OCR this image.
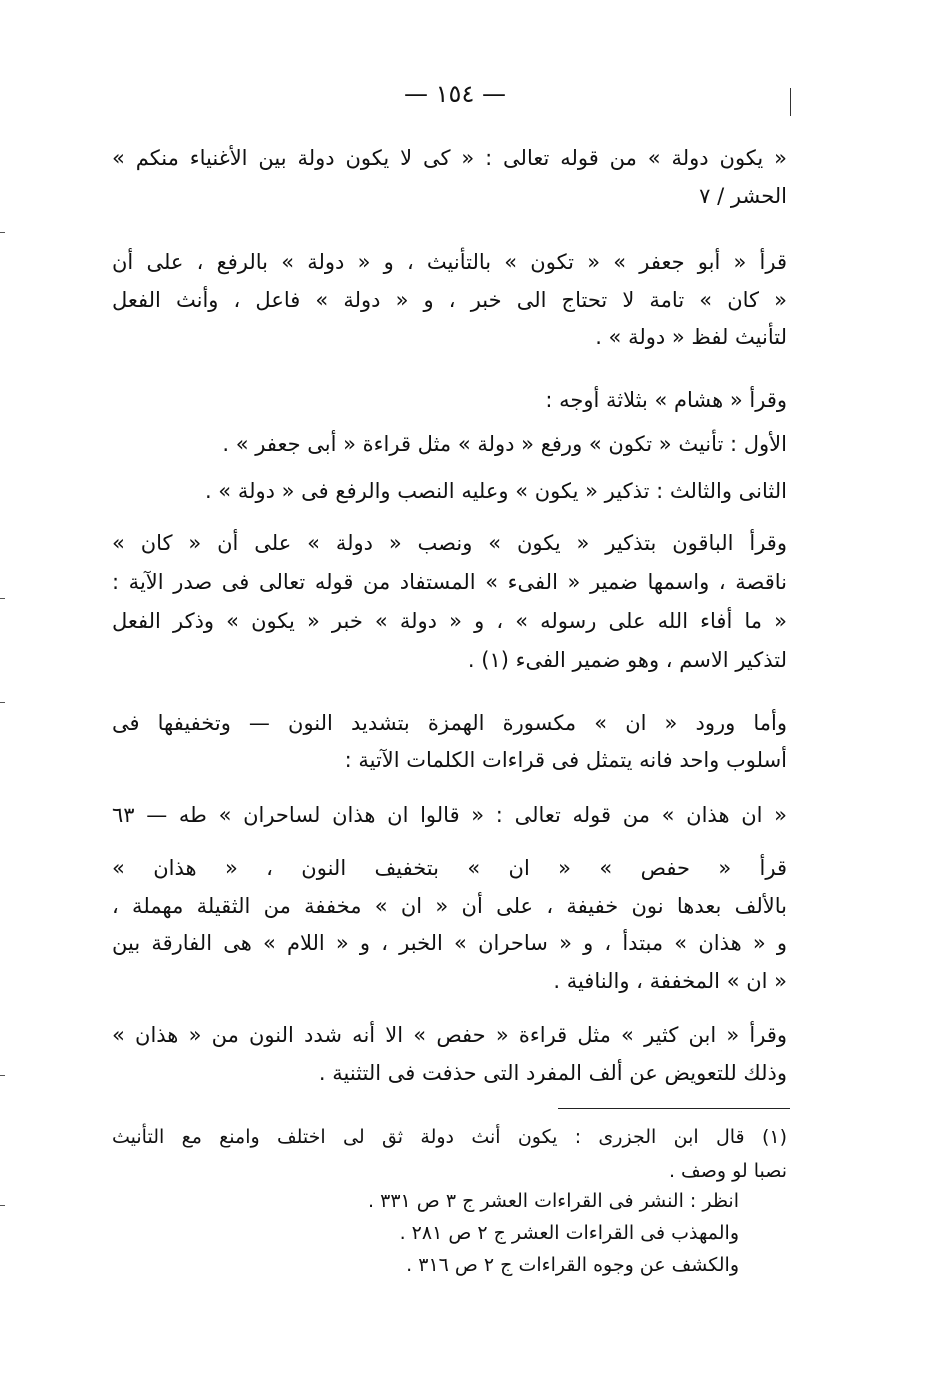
— ١٥٤ —
« يكون دولة » من قوله تعالى : « كى لا يكون دولة بين الأغنياء منكم »
الحشر / ٧
قرأ « أبو جعفر » « تكون » بالتأنيث ، و « دولة » بالرفع ، على أن
« كان » تامة لا تحتاج الى خبر ، و « دولة » فاعل ، وأنث الفعل
لتأنيث لفظ « دولة » .
وقرأ « هشام » بثلاثة أوجه :
الأول : تأنيث « تكون » ورفع « دولة » مثل قراءة « أبى جعفر » .
الثانى والثالث : تذكير « يكون » وعليه النصب والرفع فى « دولة » .
وقرأ الباقون بتذكير « يكون » ونصب « دولة » على أن « كان »
ناقصة ، واسمها ضمير « الفىء » المستفاد من قوله تعالى فى صدر الآية :
« ما أفاء الله على رسوله » ، و « دولة » خبر « يكون » وذكر الفعل
لتذكير الاسم ، وهو ضمير الفىء (١) .
وأما ورود « ان » مكسورة الهمزة بتشديد النون — وتخفيفها فى
أسلوب واحد فانه يتمثل فى قراءات الكلمات الآتية :
« ان هذان » من قوله تعالى : « قالوا ان هذان لساحران » طه — ٦٣
قرأ « حفص » « ان » بتخفيف النون ، « هذان »
بالألف بعدها نون خفيفة ، على أن « ان » مخففة من الثقيلة مهملة ،
و « هذان » مبتدأ ، و « ساحران » الخبر ، و « اللام » هى الفارقة بين
« ان » المخففة ، والنافية .
وقرأ « ابن كثير » مثل قراءة « حفص » الا أنه شدد النون من « هذان »
وذلك للتعويض عن ألف المفرد التى حذفت فى التثنية .
(١) قال ابن الجزرى : يكون أنث دولة ثق لى اختلف وامنع مع التأنيث
نصبا لو وصف .
انظر : النشر فى القراءات العشر ج ٣ ص ٣٣١ .
والمهذب فى القراءات العشر ج ٢ ص ٢٨١ .
والكشف عن وجوه القراءات ج ٢ ص ٣١٦ .
